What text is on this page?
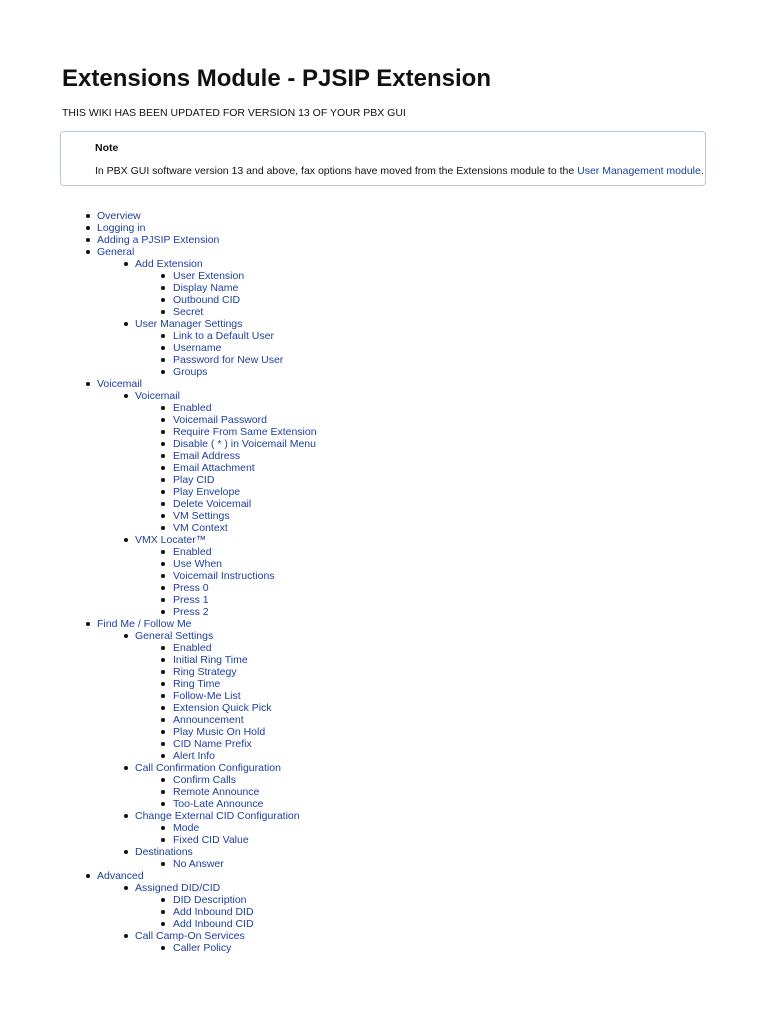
Extensions Module - PJSIP Extension
THIS WIKI HAS BEEN UPDATED FOR VERSION 13 OF YOUR PBX GUI
Note
In PBX GUI software version 13 and above, fax options have moved from the Extensions module to the User Management module.
Overview
Logging in
Adding a PJSIP Extension
General
Add Extension
User Extension
Display Name
Outbound CID
Secret
User Manager Settings
Link to a Default User
Username
Password for New User
Groups
Voicemail
Voicemail
Enabled
Voicemail Password
Require From Same Extension
Disable ( * ) in Voicemail Menu
Email Address
Email Attachment
Play CID
Play Envelope
Delete Voicemail
VM Settings
VM Context
VMX Locater™
Enabled
Use When
Voicemail Instructions
Press 0
Press 1
Press 2
Find Me / Follow Me
General Settings
Enabled
Initial Ring Time
Ring Strategy
Ring Time
Follow-Me List
Extension Quick Pick
Announcement
Play Music On Hold
CID Name Prefix
Alert Info
Call Confirmation Configuration
Confirm Calls
Remote Announce
Too-Late Announce
Change External CID Configuration
Mode
Fixed CID Value
Destinations
No Answer
Advanced
Assigned DID/CID
DID Description
Add Inbound DID
Add Inbound CID
Call Camp-On Services
Caller Policy
